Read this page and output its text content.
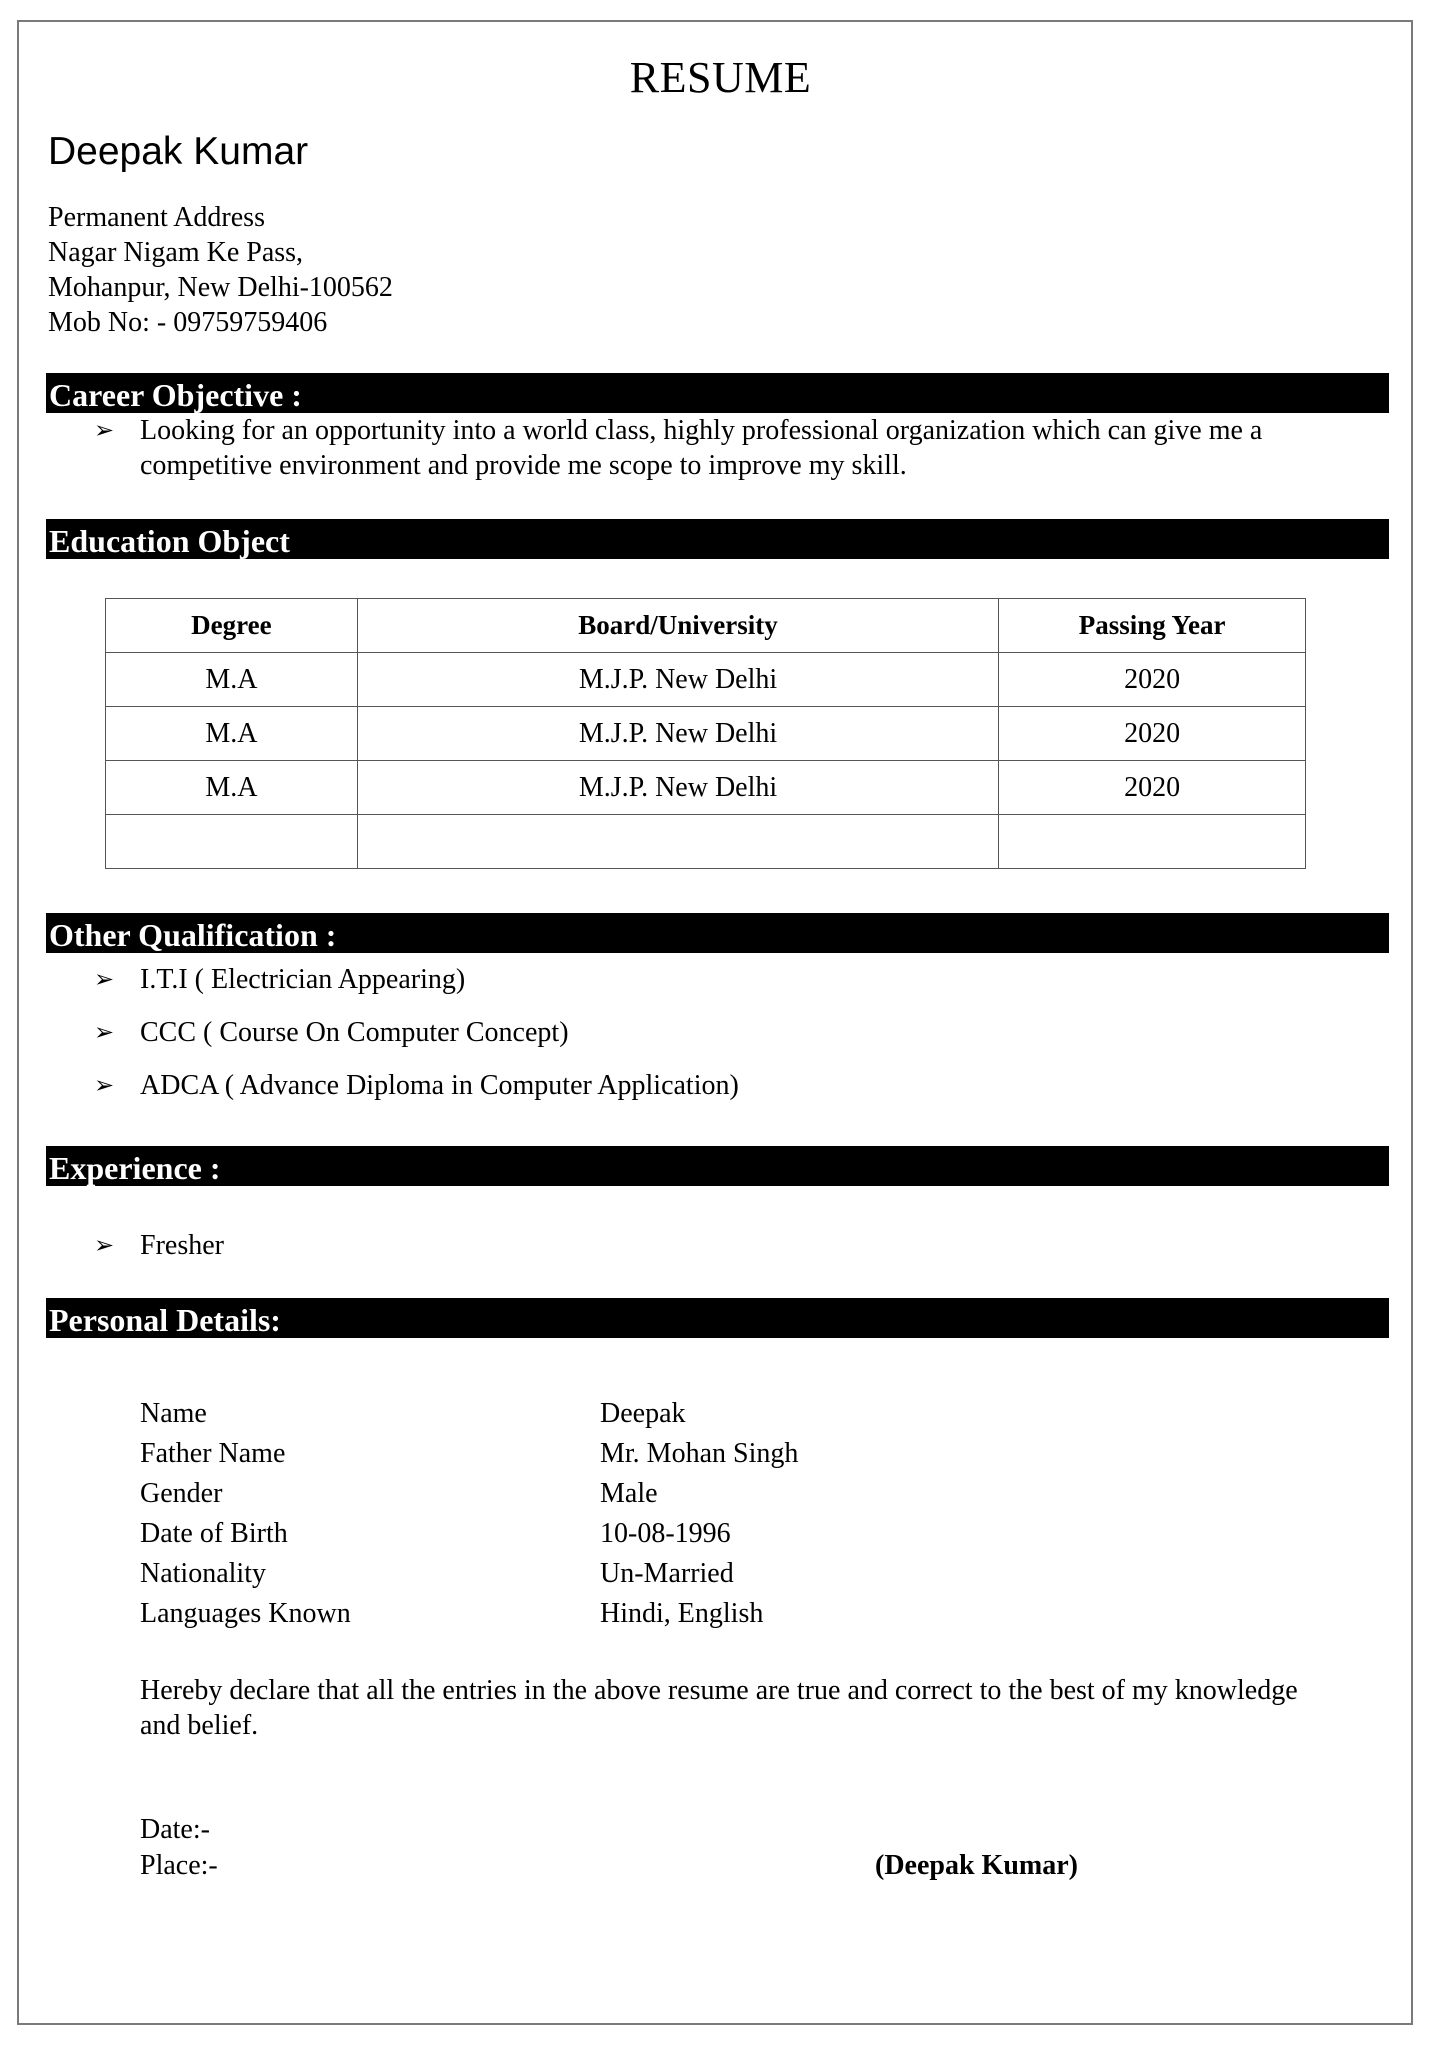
RESUME
Deepak Kumar
Permanent Address
Nagar Nigam Ke Pass,
Mohanpur, New Delhi-100562
Mob No: - 09759759406
Career Objective :
➢ Looking for an opportunity into a world class, highly professional organization which can give me a competitive environment and provide me scope to improve my skill.
Education Object
Degree	Board/University	Passing Year
M.A	M.J.P. New Delhi	2020
M.A	M.J.P. New Delhi	2020
M.A	M.J.P. New Delhi	2020

Other Qualification :
➢ I.T.I ( Electrician Appearing)
➢ CCC ( Course On Computer Concept)
➢ ADCA ( Advance Diploma in Computer Application)
Experience :
➢ Fresher
Personal Details:
Name	Deepak
Father Name	Mr. Mohan Singh
Gender	Male
Date of Birth	10-08-1996
Nationality	Un-Married
Languages Known	Hindi, English
Hereby declare that all the entries in the above resume are true and correct to the best of my knowledge and belief.
Date:-
Place:-	(Deepak Kumar)
